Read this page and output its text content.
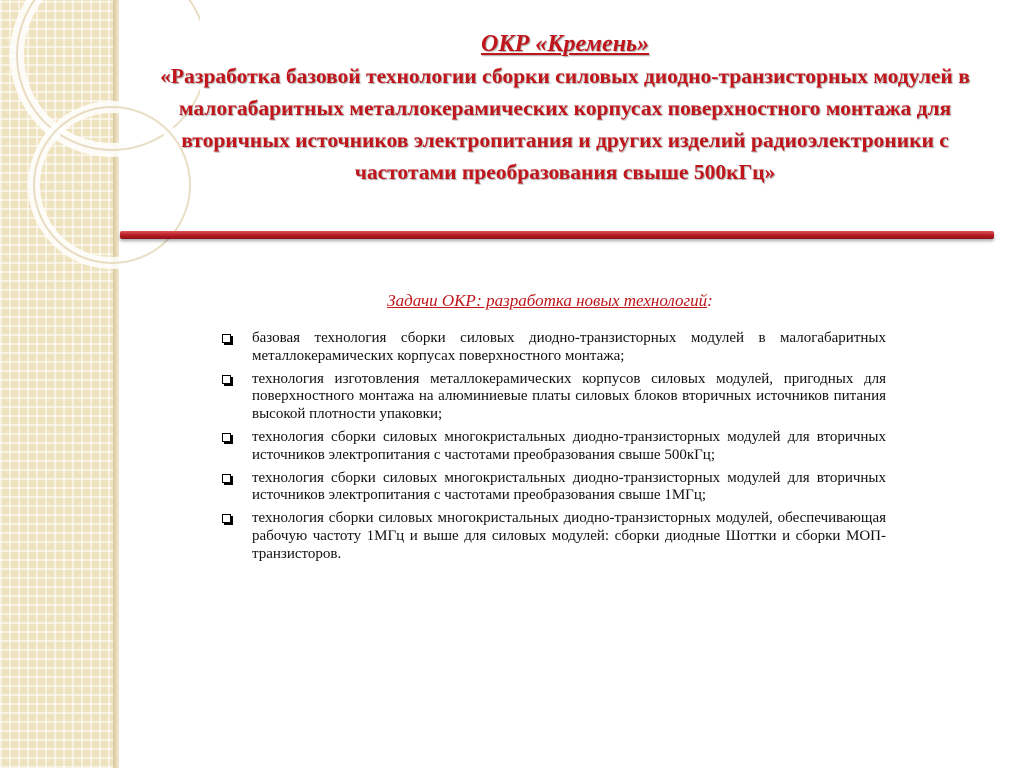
ОКР «Кремень»
«Разработка базовой технологии сборки силовых диодно-транзисторных модулей в малогабаритных металлокерамических корпусах поверхностного монтажа для вторичных источников электропитания и других изделий радиоэлектроники с частотами преобразования свыше 500кГц»
Задачи ОКР: разработка новых технологий:
базовая технология сборки силовых диодно-транзисторных модулей в малогабаритных металлокерамических корпусах поверхностного монтажа;
технология изготовления металлокерамических корпусов силовых модулей, пригодных для поверхностного монтажа на алюминиевые платы силовых блоков вторичных источников питания высокой плотности упаковки;
технология сборки силовых многокристальных диодно-транзисторных модулей для вторичных источников электропитания с частотами преобразования свыше 500кГц;
технология сборки силовых многокристальных диодно-транзисторных модулей для вторичных источников электропитания с частотами преобразования свыше 1МГц;
технология сборки силовых многокристальных диодно-транзисторных модулей, обеспечивающая рабочую частоту 1МГц и выше для силовых модулей: сборки диодные Шоттки и сборки МОП-транзисторов.
